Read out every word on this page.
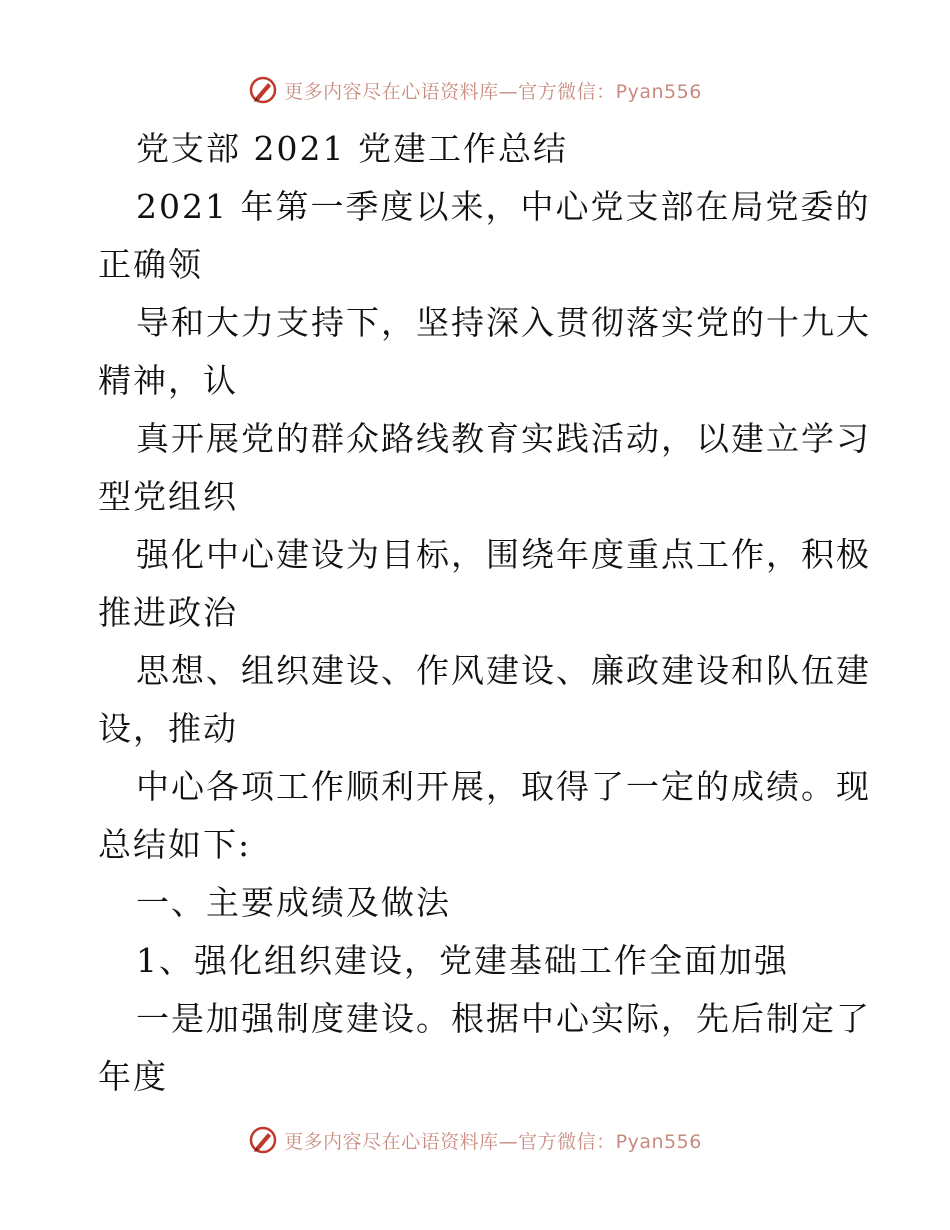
更多内容尽在心语资料库—官方微信：Pyan556
党支部 2021 党建工作总结
2021 年第一季度以来，中心党支部在局党委的
正确领
导和大力支持下，坚持深入贯彻落实党的十九大
精神，认
真开展党的群众路线教育实践活动，以建立学习
型党组织
强化中心建设为目标，围绕年度重点工作，积极
推进政治
思想、组织建设、作风建设、廉政建设和队伍建
设，推动
中心各项工作顺利开展，取得了一定的成绩。现
总结如下:
一、主要成绩及做法
1、强化组织建设，党建基础工作全面加强
一是加强制度建设。根据中心实际，先后制定了
年度
更多内容尽在心语资料库—官方微信：Pyan556
